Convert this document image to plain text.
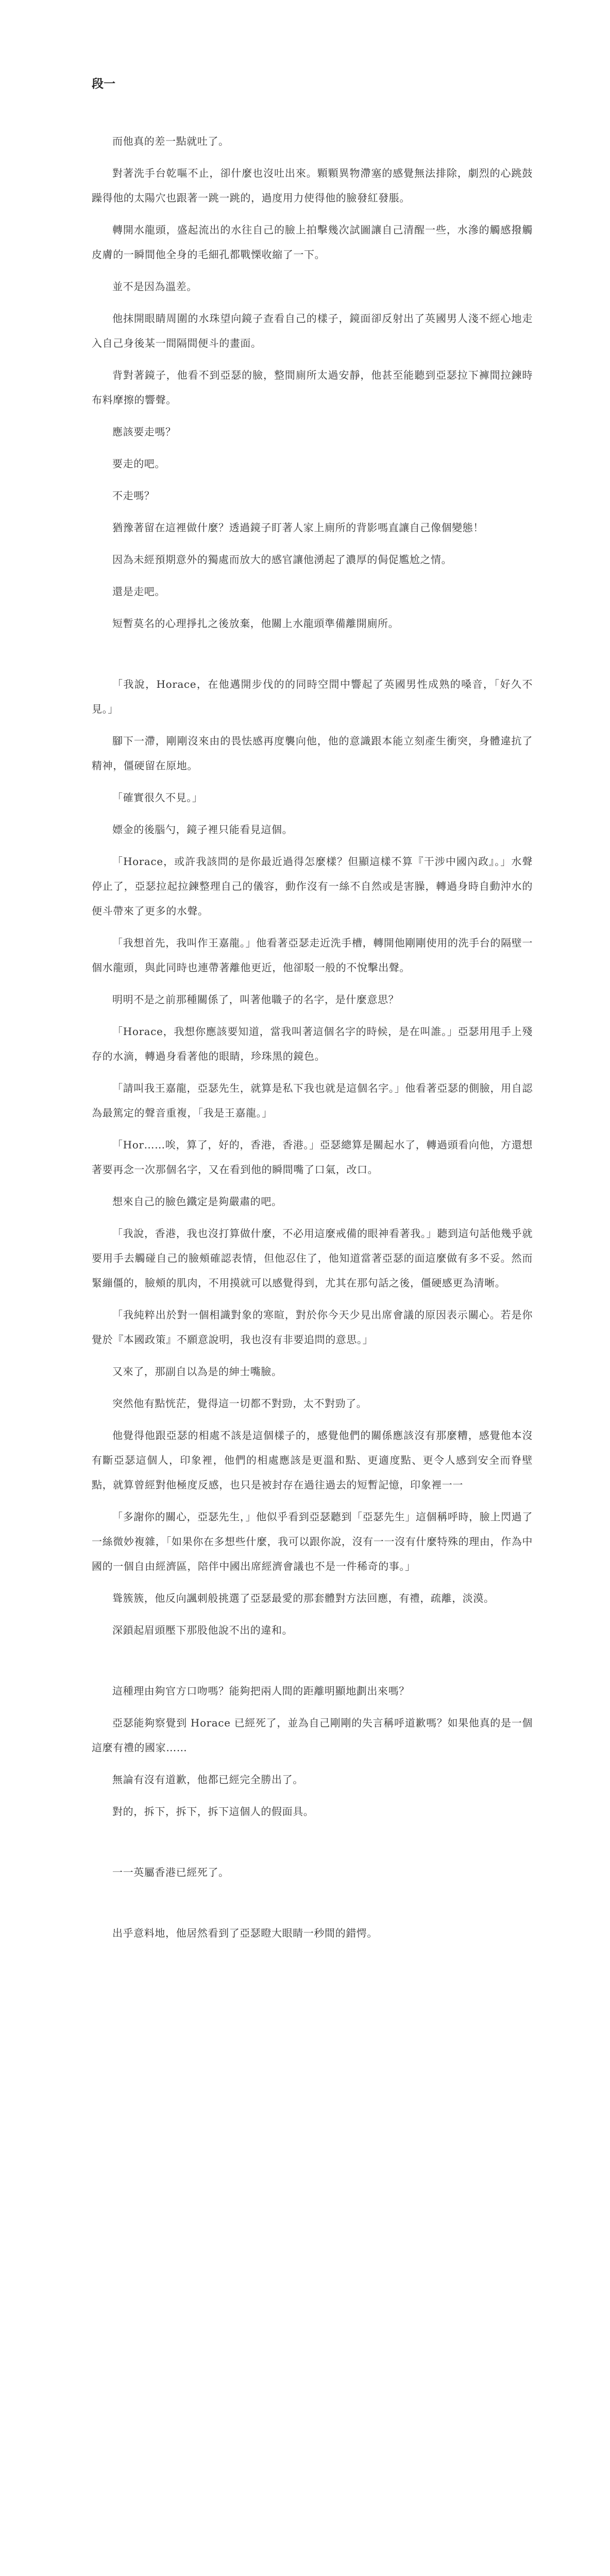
段一

而他真的差一點就吐了。

對著洗手台乾嘔不止，卻什麼也沒吐出來。顆顆異物滯塞的感覺無法排除，劇烈的心跳鼓躁得他的太陽穴也跟著一跳一跳的，過度用力使得他的臉發紅發脹。

轉開水龍頭，盛起流出的水往自己的臉上拍擊幾次試圖讓自己清醒一些，水滲的觸感撥觸皮膚的一瞬間他全身的毛細孔都戰慄收縮了一下。

並不是因為溫差。

他抹開眼睛周圍的水珠望向鏡子查看自己的樣子，鏡面卻反射出了英國男人淺不經心地走入自己身後某一間隔間便斗的畫面。

背對著鏡子，他看不到亞瑟的臉，整間廁所太過安靜，他甚至能聽到亞瑟拉下褲間拉鍊時布料摩擦的響聲。

應該要走嗎？

要走的吧。

不走嗎？

猶豫著留在這裡做什麼？透過鏡子盯著人家上廁所的背影嗎直讓自己像個變態！

因為未經預期意外的獨處而放大的感官讓他湧起了濃厚的侷促尷尬之情。

還是走吧。

短暫莫名的心理掙扎之後放棄，他關上水龍頭準備離開廁所。

「我說，Horace，在他邁開步伐的的同時空間中響起了英國男性成熟的嗓音，「好久不見。」

腳下一滯，剛剛沒來由的畏怯感再度襲向他，他的意識跟本能立刻產生衝突，身體違抗了精神，僵硬留在原地。

「確實很久不見。」

嫖金的後腦勺，鏡子裡只能看見這個。

「Horace，或許我該問的是你最近過得怎麼樣？但顯這樣不算『干涉中國內政』。」水聲停止了，亞瑟拉起拉鍊整理自己的儀容，動作沒有一絲不自然或是害臊，轉過身時自動沖水的便斗帶來了更多的水聲。

「我想首先，我叫作王嘉龍。」他看著亞瑟走近洗手槽，轉開他剛剛使用的洗手台的隔壁一個水龍頭，與此同時也連帶著離他更近，他卻駁一般的不悅擊出聲。

明明不是之前那種關係了，叫著他職子的名字，是什麼意思？

「Horace，我想你應該要知道，當我叫著這個名字的時候，是在叫誰。」亞瑟用甩手上殘存的水滴，轉過身看著他的眼睛，珍珠黑的鏡色。

「請叫我王嘉龍，亞瑟先生，就算是私下我也就是這個名字。」他看著亞瑟的側臉，用自認為最篤定的聲音重複，「我是王嘉龍。」

「Hor……唉，算了，好的，香港，香港。」亞瑟總算是關起水了，轉過頭看向他，方還想著要再念一次那個名字，又在看到他的瞬間嘴了口氣，改口。

想來自己的臉色鐵定是夠嚴肅的吧。

「我說，香港，我也沒打算做什麼，不必用這麼戒備的眼神看著我。」聽到這句話他幾乎就要用手去觸碰自己的臉頰確認表情，但他忍住了，他知道當著亞瑟的面這麼做有多不妥。然而緊繃僵的，臉頰的肌肉，不用摸就可以感覺得到，尤其在那句話之後，僵硬感更為清晰。

「我純粹出於對一個相識對象的寒暄，對於你今天少見出席會議的原因表示關心。若是你覺於『本國政策』不願意說明，我也沒有非要追問的意思。」

又來了，那副自以為是的紳士嘴臉。

突然他有點恍茫，覺得這一切都不對勁，太不對勁了。

他覺得他跟亞瑟的相處不該是這個樣子的，感覺他們的關係應該沒有那麼糟，感覺他本沒有斷亞瑟這個人，印象裡，他們的相處應該是更溫和點、更適度點、更令人感到安全而脊壁點，就算曾經對他極度反感，也只是被封存在過往過去的短暫記憶，印象裡一一

「多謝你的關心，亞瑟先生，」他似乎看到亞瑟聽到「亞瑟先生」這個稱呼時，臉上閃過了一絲微妙複雜，「如果你在多想些什麼，我可以跟你說，沒有一一沒有什麼特殊的理由，作為中國的一個自由經濟區，陪伴中國出席經濟會議也不是一件稀奇的事。」

聳簇簇，他反向諷刺般挑選了亞瑟最愛的那套體對方法回應，有禮，疏離，淡漠。

深鎖起眉頭壓下那股他說不出的違和。

這種理由夠官方口吻嗎？能夠把兩人間的距離明顯地劃出來嗎？

亞瑟能夠察覺到 Horace 已經死了，並為自己剛剛的失言稱呼道歉嗎？如果他真的是一個這麼有禮的國家……

無論有沒有道歉，他都已經完全勝出了。

對的，拆下，拆下，拆下這個人的假面具。

一一英屬香港已經死了。

出乎意料地，他居然看到了亞瑟瞪大眼睛一秒間的錯愕。
